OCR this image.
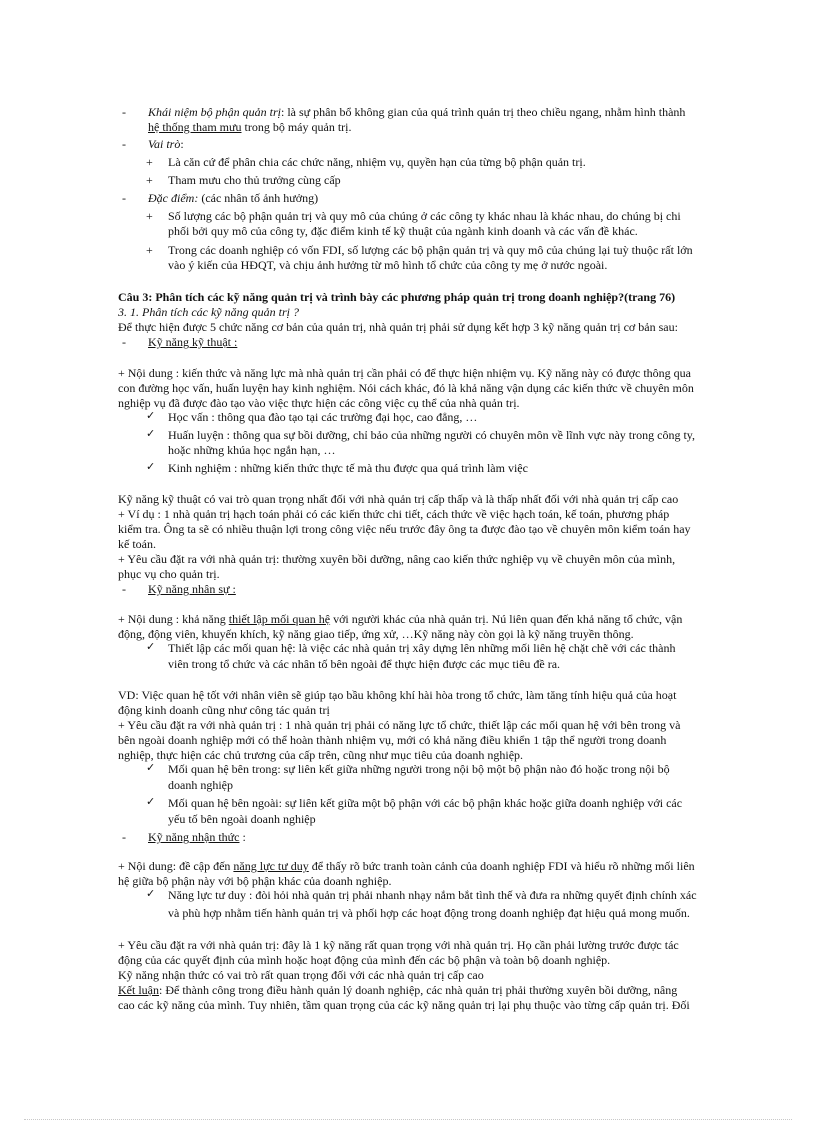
- Khái niệm bộ phận quản trị: là sự phân bổ không gian của quá trình quản trị theo chiều ngang, nhằm hình thành
hệ thống tham mưu trong bộ máy quản trị.
- Vai trò:
+ Là căn cứ để phân chia các chức năng, nhiệm vụ, quyền hạn của từng bộ phận quản trị.
+ Tham mưu cho thủ trưởng cùng cấp
- Đặc điểm: (các nhân tố ảnh hưởng)
+ Số lượng các bộ phận quản trị và quy mô của chúng ở các công ty khác nhau là khác nhau, do chúng bị chi
phối bởi quy mô của công ty, đặc điểm kinh tế kỹ thuật của ngành kinh doanh và các vấn đề khác.
+ Trong các doanh nghiệp có vốn FDI, số lượng các bộ phận quản trị và quy mô của chúng lại tuỳ thuộc rất lớn
vào ý kiến của HĐQT, và chịu ảnh hưởng từ mô hình tổ chức của công ty mẹ ở nước ngoài.
Câu 3: Phân tích các kỹ năng quản trị và trình bày các phương pháp quản trị trong doanh nghiệp?(trang 76)
3. 1. Phân tích các kỹ năng quản trị ?
Để thực hiện được 5 chức năng cơ bản của quản trị, nhà quản trị phải sử dụng kết hợp 3 kỹ năng quản trị cơ bản sau:
- Kỹ năng kỹ thuật :
+ Nội dung : kiến thức và năng lực mà nhà quản trị cần phải có để thực hiện nhiệm vụ. Kỹ năng này có được thông qua
con đường học vấn, huấn luyện hay kinh nghiệm. Nói cách khác, đó là khả năng vận dụng các kiến thức về chuyên môn
nghiệp vụ đã được đào tạo vào việc thực hiện các công việc cụ thể của nhà quản trị.
✓ Học vấn : thông qua đào tạo tại các trường đại học, cao đẳng, …
✓ Huấn luyện : thông qua sự bồi dưỡng, chỉ bảo của những người có chuyên môn về lĩnh vực này trong công ty,
hoặc những khúa học ngắn hạn, …
✓ Kinh nghiệm : những kiến thức thực tế mà thu được qua quá trình làm việc
Kỹ năng kỹ thuật có vai trò quan trọng nhất đối với nhà quản trị cấp thấp và là thấp nhất đối với nhà quản trị cấp cao
+ Ví dụ : 1 nhà quản trị hạch toán phải có các kiến thức chi tiết, cách thức về việc hạch toán, kế toán, phương pháp
kiểm tra. Ông ta sẽ có nhiều thuận lợi trong công việc nếu trước đây ông ta được đào tạo về chuyên môn kiểm toán hay
kế toán.
+ Yêu cầu đặt ra với nhà quản trị: thường xuyên bồi dưỡng, nâng cao kiến thức nghiệp vụ về chuyên môn của mình,
phục vụ cho quản trị.
- Kỹ năng nhân sự :
+ Nội dung : khả năng thiết lập mối quan hệ với người khác của nhà quản trị. Nú liên quan đến khả năng tổ chức, vận
động, động viên, khuyến khích, kỹ năng giao tiếp, ứng xử, …Kỹ năng này còn gọi là kỹ năng truyền thông.
✓ Thiết lập các mối quan hệ: là việc các nhà quản trị xây dựng lên những mối liên hệ chặt chẽ với các thành
viên trong tổ chức và các nhân tố bên ngoài để thực hiện được các mục tiêu đề ra.
VD: Việc quan hệ tốt với nhân viên sẽ giúp tạo bầu không khí hài hòa trong tổ chức, làm tăng tính hiệu quả của hoạt
động kinh doanh cũng như công tác quản trị
+ Yêu cầu đặt ra với nhà quản trị : 1 nhà quản trị phải có năng lực tổ chức, thiết lập các mối quan hệ với bên trong và
bên ngoài doanh nghiệp mới có thể hoàn thành nhiệm vụ, mới có khả năng điều khiển 1 tập thể người trong doanh
nghiệp, thực hiện các chủ trương của cấp trên, cũng như mục tiêu của doanh nghiệp.
✓ Mối quan hệ bên trong: sự liên kết giữa những người trong nội bộ một bộ phận nào đó hoặc trong nội bộ
doanh nghiệp
✓ Mối quan hệ bên ngoài: sự liên kết giữa một bộ phận với các bộ phận khác hoặc giữa doanh nghiệp với các
yếu tố bên ngoài doanh nghiệp
- Kỹ năng nhận thức :
+ Nội dung: đề cập đến năng lực tư duy để thấy rõ bức tranh toàn cảnh của doanh nghiệp FDI và hiểu rõ những mối liên
hệ giữa bộ phận này với bộ phận khác của doanh nghiệp.
✓ Năng lực tư duy : đòi hỏi nhà quản trị phải nhanh nhạy nắm bắt tình thế và đưa ra những quyết định chính xác
và phù hợp nhằm tiến hành quản trị và phối hợp các hoạt động trong doanh nghiệp đạt hiệu quả mong muốn.
+ Yêu cầu đặt ra với nhà quản trị: đây là 1 kỹ năng rất quan trọng với nhà quản trị. Họ cần phải lường trước được tác
động của các quyết định của mình hoặc hoạt động của mình đến các bộ phận và toàn bộ doanh nghiệp.
Kỹ năng nhận thức có vai trò rất quan trọng đối với các nhà quản trị cấp cao
Kết luận: Để thành công trong điều hành quản lý doanh nghiệp, các nhà quản trị phải thường xuyên bồi dưỡng, nâng
cao các kỹ năng của mình. Tuy nhiên, tầm quan trọng của các kỹ năng quản trị lại phụ thuộc vào từng cấp quản trị. Đối
